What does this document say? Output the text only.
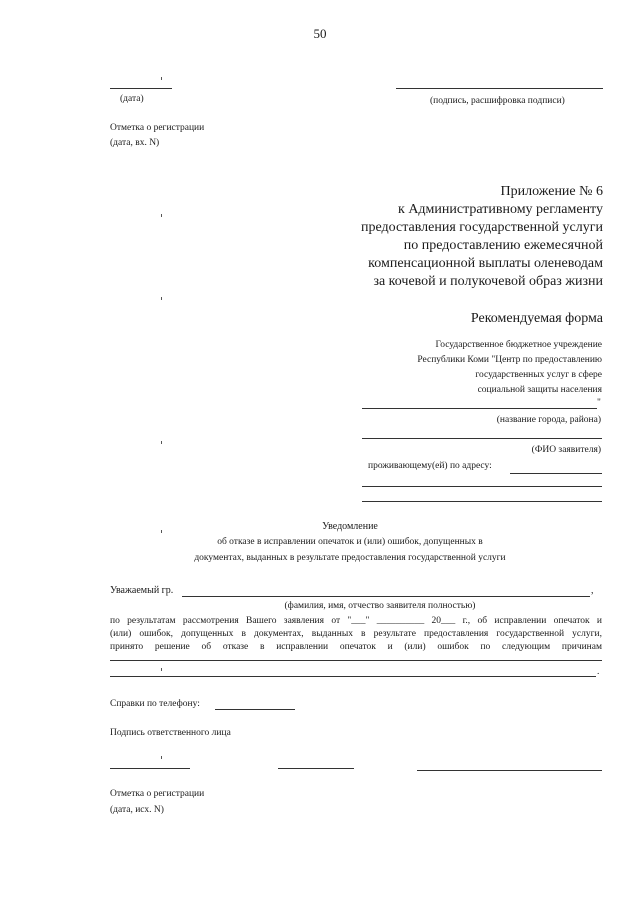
50
(дата)	(подпись, расшифровка подписи)
Отметка о регистрации
(дата, вх. N)
Приложение № 6
к Административному регламенту
предоставления государственной услуги
по предоставлению ежемесячной
компенсационной выплаты оленеводам
за кочевой и полукочевой образ жизни
Рекомендуемая форма
Государственное бюджетное учреждение
Республики Коми "Центр по предоставлению
государственных услуг в сфере
социальной защиты населения
"
(название города, района)
(ФИО заявителя)
проживающему(ей) по адресу:
Уведомление
об отказе в исправлении опечаток и (или) ошибок, допущенных в
документах, выданных в результате предоставления государственной услуги
Уважаемый гр.	,
(фамилия, имя, отчество заявителя полностью)
по результатам рассмотрения Вашего заявления от "___" __________ 20___ г., об исправлении опечаток и
(или) ошибок, допущенных в документах, выданных в результате предоставления государственной услуги,
принято решение об отказе в исправлении опечаток и (или) ошибок по следующим причинам
.
Справки по телефону:
Подпись ответственного лица
Отметка о регистрации
(дата, исх. N)
